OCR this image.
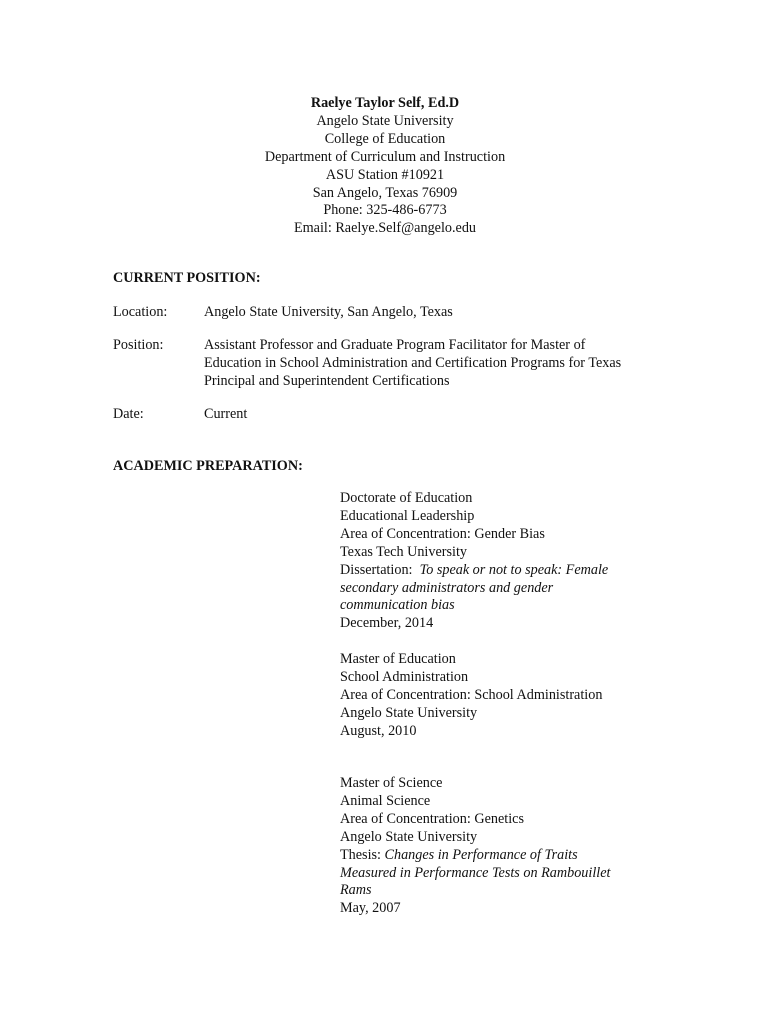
Raelye Taylor Self, Ed.D
Angelo State University
College of Education
Department of Curriculum and Instruction
ASU Station #10921
San Angelo, Texas 76909
Phone: 325-486-6773
Email: Raelye.Self@angelo.edu
CURRENT POSITION:
Location:	Angelo State University, San Angelo, Texas
Position:	Assistant Professor and Graduate Program Facilitator for Master of
Education in School Administration and Certification Programs for Texas
Principal and Superintendent Certifications
Date:	Current
ACADEMIC PREPARATION:
Doctorate of Education
Educational Leadership
Area of Concentration: Gender Bias
Texas Tech University
Dissertation: To speak or not to speak: Female
secondary administrators and gender
communication bias
December, 2014
Master of Education
School Administration
Area of Concentration: School Administration
Angelo State University
August, 2010
Master of Science
Animal Science
Area of Concentration: Genetics
Angelo State University
Thesis: Changes in Performance of Traits
Measured in Performance Tests on Rambouillet
Rams
May, 2007
